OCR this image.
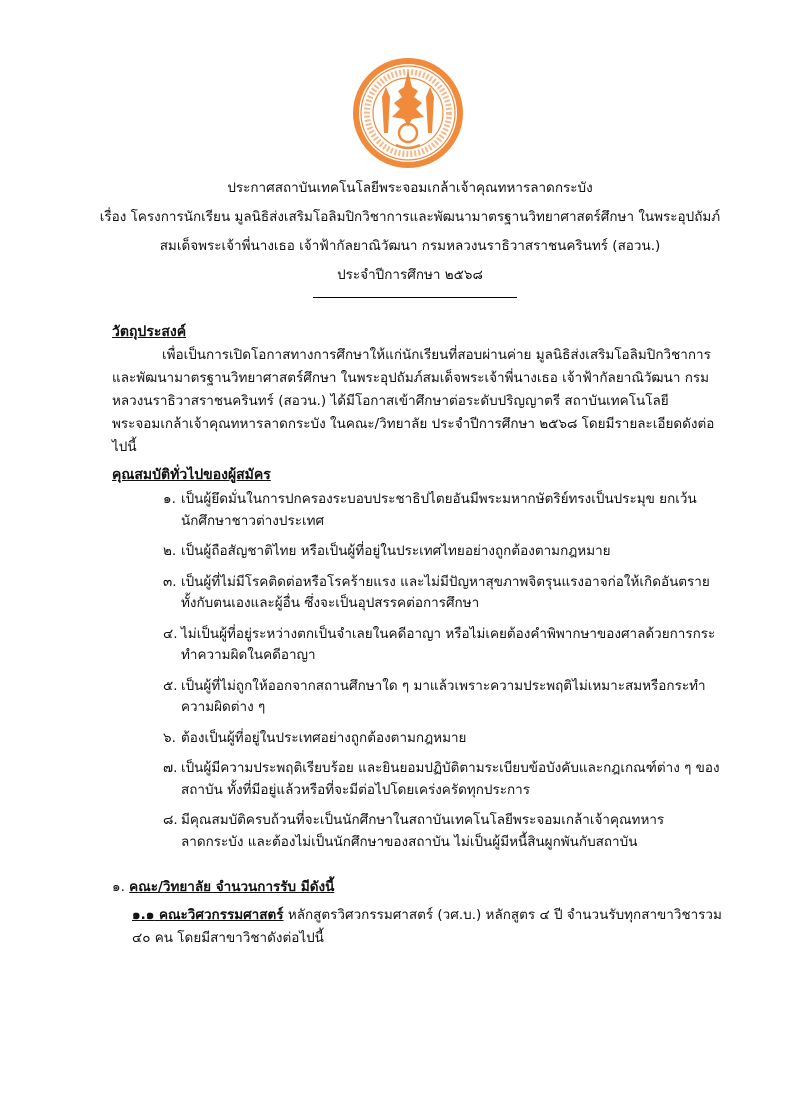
ประกาศสถาบันเทคโนโลยีพระจอมเกล้าเจ้าคุณทหารลาดกระบัง
เรื่อง โครงการนักเรียน มูลนิธิส่งเสริมโอลิมปิกวิชาการและพัฒนามาตรฐานวิทยาศาสตร์ศึกษา ในพระอุปถัมภ์
สมเด็จพระเจ้าพี่นางเธอ เจ้าฟ้ากัลยาณิวัฒนา กรมหลวงนราธิวาสราชนครินทร์ (สอวน.)
ประจำปีการศึกษา ๒๕๖๘
วัตถุประสงค์
เพื่อเป็นการเปิดโอกาสทางการศึกษาให้แก่นักเรียนที่สอบผ่านค่าย มูลนิธิส่งเสริมโอลิมปิกวิชาการและพัฒนามาตรฐานวิทยาศาสตร์ศึกษา ในพระอุปถัมภ์สมเด็จพระเจ้าพี่นางเธอ เจ้าฟ้ากัลยาณิวัฒนา กรมหลวงนราธิวาสราชนครินทร์ (สอวน.) ได้มีโอกาสเข้าศึกษาต่อระดับปริญญาตรี สถาบันเทคโนโลยีพระจอมเกล้าเจ้าคุณทหารลาดกระบัง ในคณะ/วิทยาลัย ประจำปีการศึกษา ๒๕๖๘ โดยมีรายละเอียดดังต่อไปนี้
คุณสมบัติทั่วไปของผู้สมัคร
๑. เป็นผู้ยึดมั่นในการปกครองระบอบประชาธิปไตยอันมีพระมหากษัตริย์ทรงเป็นประมุข ยกเว้นนักศึกษาชาวต่างประเทศ
๒. เป็นผู้ถือสัญชาติไทย หรือเป็นผู้ที่อยู่ในประเทศไทยอย่างถูกต้องตามกฎหมาย
๓. เป็นผู้ที่ไม่มีโรคติดต่อหรือโรคร้ายแรง และไม่มีปัญหาสุขภาพจิตรุนแรงอาจก่อให้เกิดอันตรายทั้งกับตนเองและผู้อื่น ซึ่งจะเป็นอุปสรรคต่อการศึกษา
๔. ไม่เป็นผู้ที่อยู่ระหว่างตกเป็นจำเลยในคดีอาญา หรือไม่เคยต้องคำพิพากษาของศาลด้วยการกระทำความผิดในคดีอาญา
๕. เป็นผู้ที่ไม่ถูกให้ออกจากสถานศึกษาใด ๆ มาแล้วเพราะความประพฤติไม่เหมาะสมหรือกระทำความผิดต่าง ๆ
๖. ต้องเป็นผู้ที่อยู่ในประเทศอย่างถูกต้องตามกฎหมาย
๗. เป็นผู้มีความประพฤติเรียบร้อย และยินยอมปฏิบัติตามระเบียบข้อบังคับและกฎเกณฑ์ต่าง ๆ ของสถาบัน ทั้งที่มีอยู่แล้วหรือที่จะมีต่อไปโดยเคร่งครัดทุกประการ
๘. มีคุณสมบัติครบถ้วนที่จะเป็นนักศึกษาในสถาบันเทคโนโลยีพระจอมเกล้าเจ้าคุณทหารลาดกระบัง และต้องไม่เป็นนักศึกษาของสถาบัน ไม่เป็นผู้มีหนี้สินผูกพันกับสถาบัน
๑. คณะ/วิทยาลัย จำนวนการรับ มีดังนี้
๑.๑ คณะวิศวกรรมศาสตร์ หลักสูตรวิศวกรรมศาสตร์ (วศ.บ.) หลักสูตร ๔ ปี จำนวนรับทุกสาขาวิชารวม ๔๐ คน โดยมีสาขาวิชาดังต่อไปนี้
